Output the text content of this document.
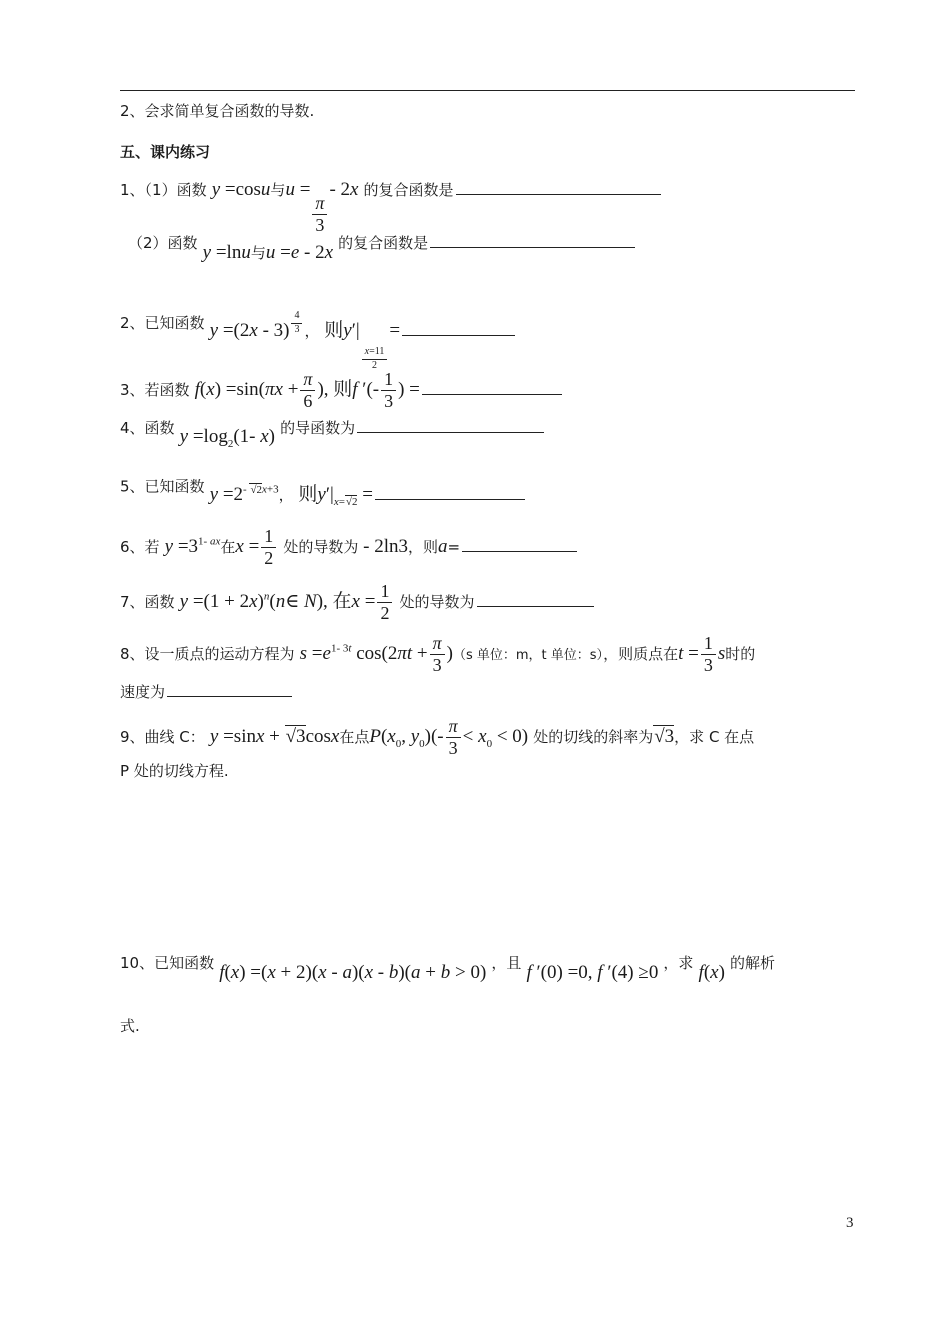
2、会求简单复合函数的导数.
五、课内练习
1、（1）函数 y =cosu与u =
$\frac{\pi}{3}$
- 2x 的复合函数是
（2）函数 y =lnu与u =e - 2x 的复合函数是
2、已知函数 $y =(2x - 3) \frac{4}{3}$ ， 则y′|
$\frac{x=11}{2}$
=
3、若函数 $f(x) =\sin(\pi x + \frac{\pi}{6}$ ), 则f ′(- $\frac{1}{3}$ ) =
4、函数 $y =\log_2(1-$ x) 的导函数为
5、已知函数 $y =2^{- √2x+3}$， 则$y'|_{x=√2}$ =
6、若 $y =3^{1- ax}$在$x = \frac{1}{2}$ 处的导数为 - 2ln3，则a=
7、函数 $y =(1 + 2x)^n(n\in$ N), 在$x = \frac{1}{2}$ 处的导数为
8、设一质点的运动方程为 $s =e^{1- 3t}$ $\cos(2\pi t + \frac{\pi}{3} )(s$ 单位：m，t 单位：s），则质点在$t = \frac{1}{3}$ s时的
速度为
9、曲线 C： y =sinx + √3cosx在点$P(x_0$, $y_0)(- \frac{\pi}{3} < x_0 < 0)$ 处的切线的斜率为√3，求 C 在点
P 处的切线方程.
10、已知函数 f(x) =(x + 2)(x - a)(x - b)(a + b > 0) ，且 f ′(0) =0, f ′(4) ≥0 ，求 f(x) 的解析
式.
3
